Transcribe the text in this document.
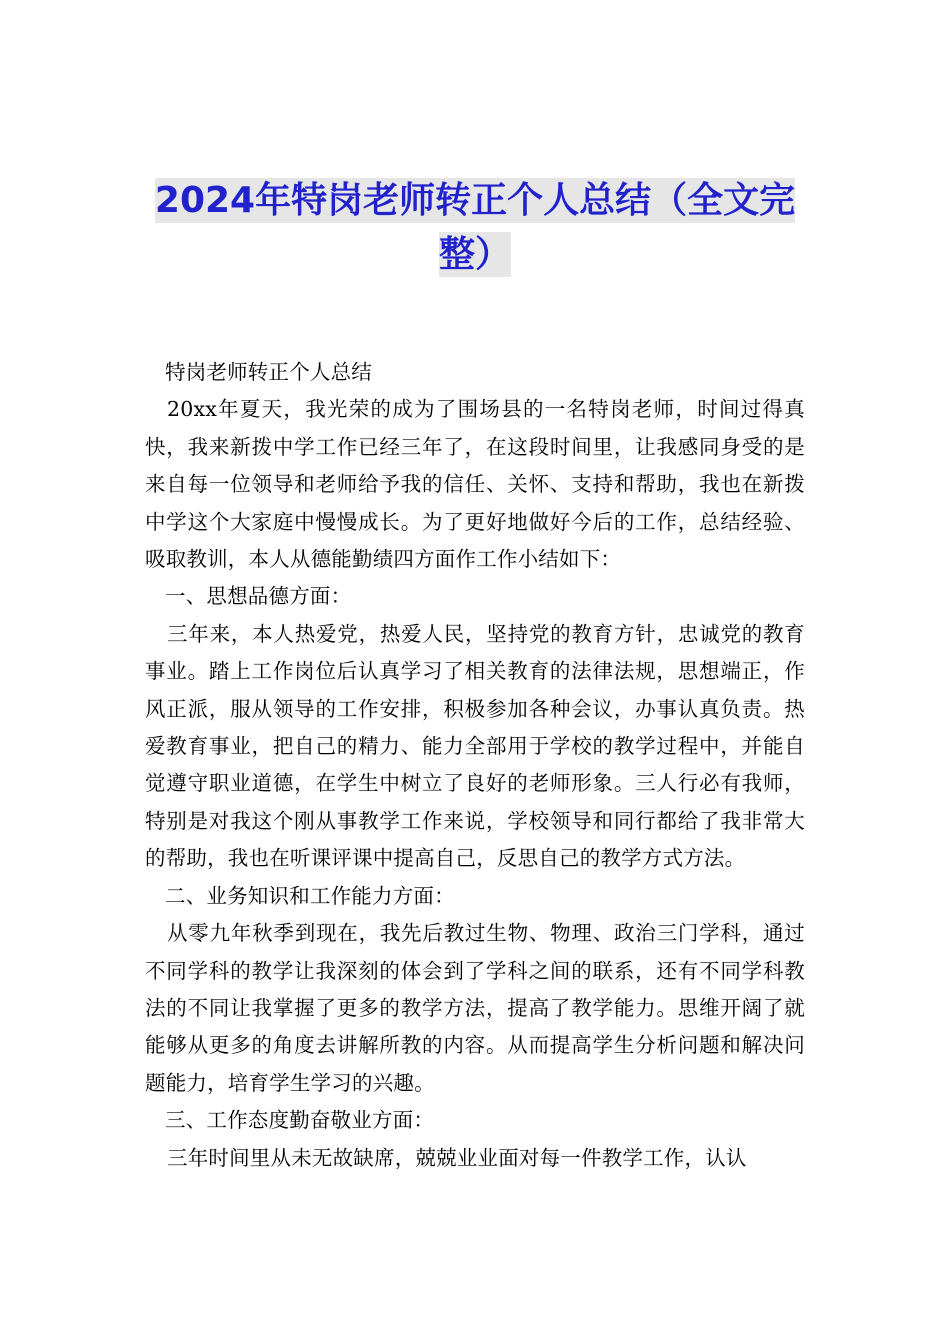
2024年特岗老师转正个人总结（全文完整）

特岗老师转正个人总结

20xx年夏天，我光荣的成为了围场县的一名特岗老师，时间过得真快，我来新拨中学工作已经三年了，在这段时间里，让我感同身受的是来自每一位领导和老师给予我的信任、关怀、支持和帮助，我也在新拨中学这个大家庭中慢慢成长。为了更好地做好今后的工作，总结经验、吸取教训，本人从德能勤绩四方面作工作小结如下：

一、思想品德方面：

三年来，本人热爱党，热爱人民，坚持党的教育方针，忠诚党的教育事业。踏上工作岗位后认真学习了相关教育的法律法规，思想端正，作风正派，服从领导的工作安排，积极参加各种会议，办事认真负责。热爱教育事业，把自己的精力、能力全部用于学校的教学过程中，并能自觉遵守职业道德，在学生中树立了良好的老师形象。三人行必有我师，特别是对我这个刚从事教学工作来说，学校领导和同行都给了我非常大的帮助，我也在听课评课中提高自己，反思自己的教学方式方法。

二、业务知识和工作能力方面：

从零九年秋季到现在，我先后教过生物、物理、政治三门学科，通过不同学科的教学让我深刻的体会到了学科之间的联系，还有不同学科教法的不同让我掌握了更多的教学方法，提高了教学能力。思维开阔了就能够从更多的角度去讲解所教的内容。从而提高学生分析问题和解决问题能力，培育学生学习的兴趣。

三、工作态度勤奋敬业方面：

三年时间里从未无故缺席，兢兢业业面对每一件教学工作，认认
